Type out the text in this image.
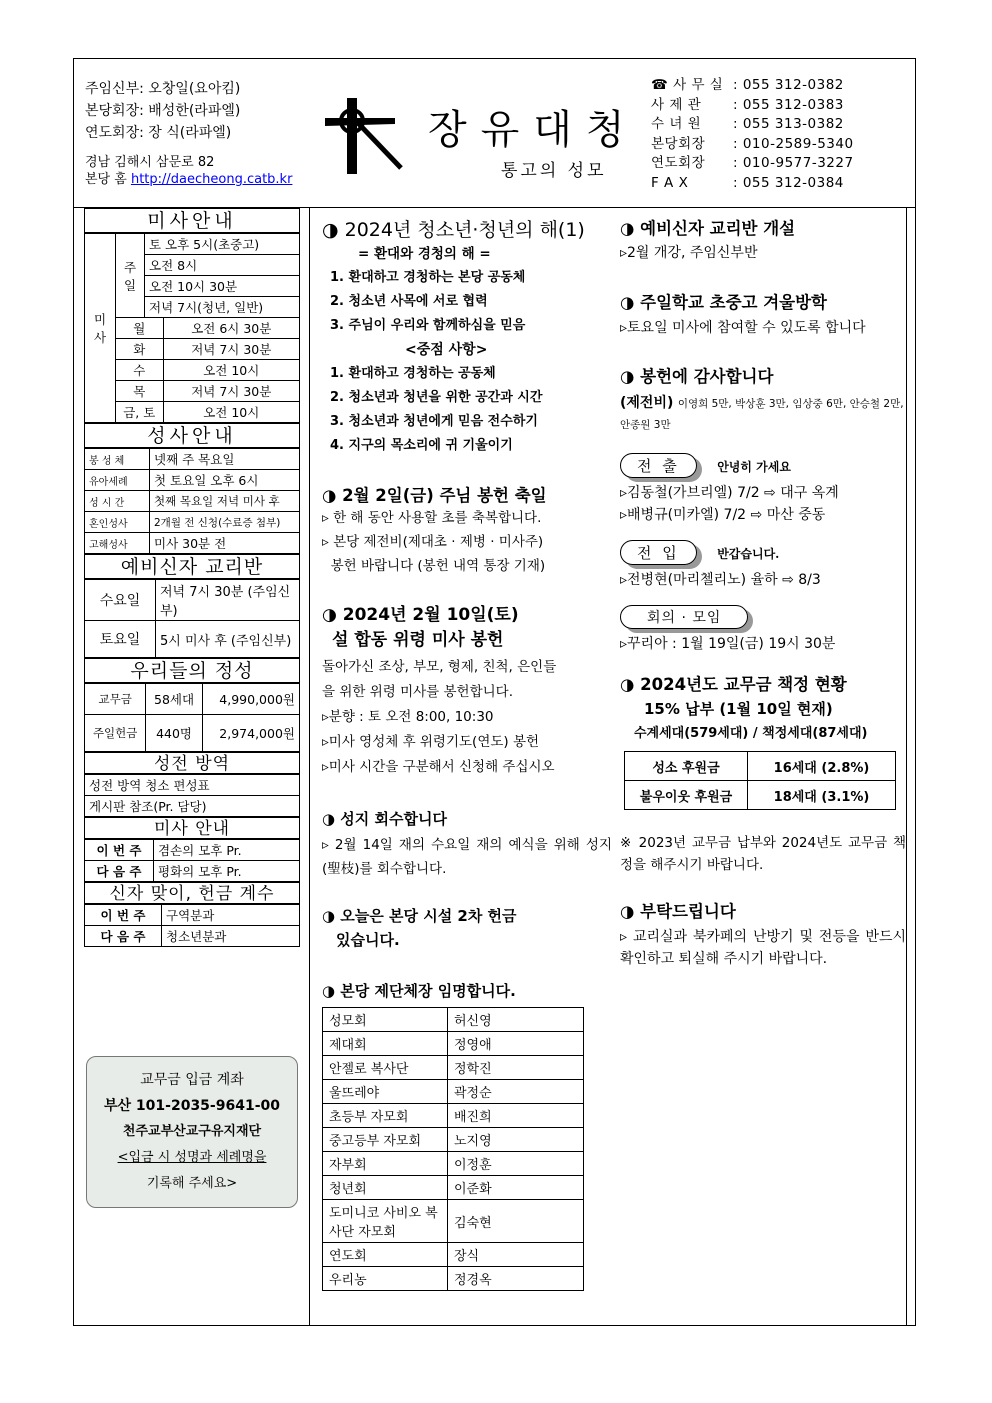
주임신부: 오창일(요아킴)
본당회장: 배성한(라파엘)
연도회장: 장 식(라파엘)
경남 김해시 삼문로 82
본당 홈 http://daecheong.catb.kr
장유대청
통고의 성모
☎ 사 무 실 : 055 312-0382
사 제 관	: 055 312-0383
수 녀 원	: 055 313-0382
본당회장	: 010-2589-5340
연도회장	: 010-9577-3227
F A X	: 055 312-0384
미사안내
미사	주일	토 오후 5시(초중고)	
		오전 8시	
		오전 10시 30분	
		저녁 7시(청년, 일반)	
	월		오전 6시 30분
	화		저녁 7시 30분
	수		오전 10시
	목		저녁 7시 30분
	금, 토		오전 10시
성사안내
봉 성 체	넷째 주 목요일
유아세례	첫 토요일 오후 6시
성 시 간	첫째 목요일 저녁 미사 후
혼인성사	2개월 전 신청(수료증 첨부)
고해성사	미사 30분 전
예비신자 교리반
수요일	저녁 7시 30분 (주임신부)
토요일	5시 미사 후 (주임신부)
우리들의 정성
교무금	58세대	4,990,000원
주일헌금	440명	2,974,000원
성전 방역
성전 방역 청소 편성표
게시판 참조(Pr. 담당)
미사 안내
이 번 주	겸손의 모후 Pr.
다 음 주	평화의 모후 Pr.
신자 맞이, 헌금 계수
이 번 주	구역분과
다 음 주	청소년분과
교무금 입금 계좌
부산 101-2035-9641-00
천주교부산교구유지재단
<입금 시 성명과 세례명을
기록해 주세요>
◑ 2024년 청소년·청년의 해(1)
= 환대와 경청의 해 =
1. 환대하고 경청하는 본당 공동체
2. 청소년 사목에 서로 협력
3. 주님이 우리와 함께하심을 믿음
<중점 사항>
1. 환대하고 경청하는 공동체
2. 청소년과 청년을 위한 공간과 시간
3. 청소년과 청년에게 믿음 전수하기
4. 지구의 목소리에 귀 기울이기
◑ 2월 2일(금) 주님 봉헌 축일
▹ 한 해 동안 사용할 초를 축복합니다.
▹ 본당 제전비(제대초 · 제병 · 미사주)
봉헌 바랍니다 (봉헌 내역 통장 기재)
◑ 2024년 2월 10일(토)
설 합동 위령 미사 봉헌
돌아가신 조상, 부모, 형제, 친척, 은인들
을 위한 위령 미사를 봉헌합니다.
▹분향 : 토 오전 8:00, 10:30
▹미사 영성체 후 위령기도(연도) 봉헌
▹미사 시간을 구분해서 신청해 주십시오
◑ 성지 회수합니다
▹ 2월 14일 재의 수요일 재의 예식을 위해 성지(聖枝)를 회수합니다.
◑ 오늘은 본당 시설 2차 헌금
있습니다.
◑ 본당 제단체장 임명합니다.
성모회	허신영
제대회	정영애
안젤로 복사단	정학진
울뜨레야	곽정순
초등부 자모회	배진희
중고등부 자모회	노지영
자부회	이정훈
청년회	이준화
도미니코 사비오 복사단 자모회	김숙현
연도회	장식
우리농	정경옥
◑ 예비신자 교리반 개설
▹2월 개강, 주임신부반
◑ 주일학교 초중고 겨울방학
▹토요일 미사에 참여할 수 있도록 합니다
◑ 봉헌에 감사합니다
(제전비) 이영희 5만, 박상훈 3만, 임상중 6만, 안승철 2만, 안종원 3만
전 출	안녕히 가세요
▹김동철(가브리엘) 7/2 ⇨ 대구 옥계
▹배병규(미카엘) 7/2 ⇨ 마산 중동
전 입	반갑습니다.
▹전병현(마리첼리노) 율하 ⇨ 8/3
회의 · 모임
▹꾸리아 : 1월 19일(금) 19시 30분
◑ 2024년도 교무금 책정 현황
15% 납부 (1월 10일 현재)
수계세대(579세대) / 책정세대(87세대)
성소 후원금	16세대 (2.8%)
불우이웃 후원금	18세대 (3.1%)
※ 2023년 교무금 납부와 2024년도 교무금 책정을 해주시기 바랍니다.
◑ 부탁드립니다
▹ 교리실과 북카페의 난방기 및 전등을 반드시 확인하고 퇴실해 주시기 바랍니다.
